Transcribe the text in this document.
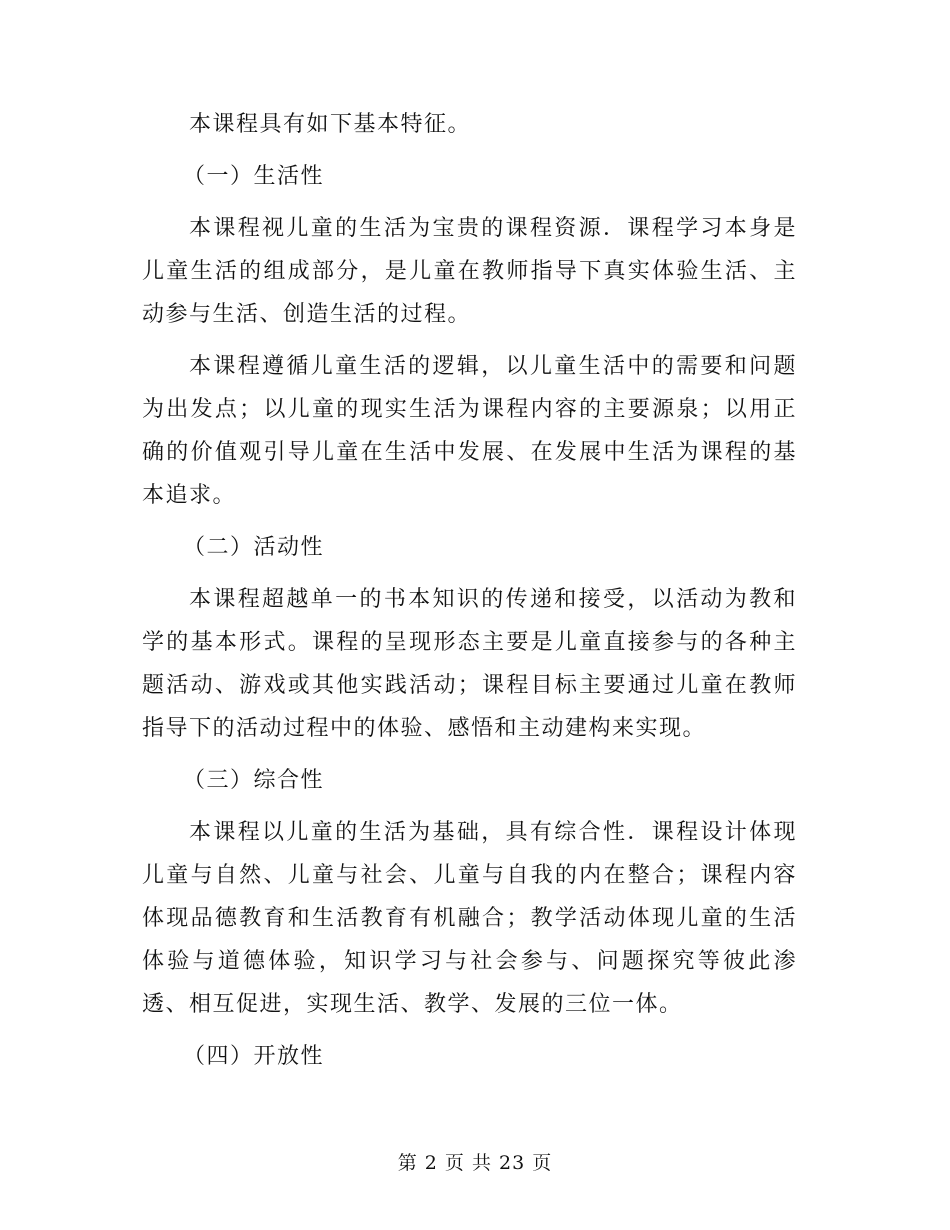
本课程具有如下基本特征。

（一）生活性

本课程视儿童的生活为宝贵的课程资源．课程学习本身是儿童生活的组成部分，是儿童在教师指导下真实体验生活、主动参与生活、创造生活的过程。

本课程遵循儿童生活的逻辑，以儿童生活中的需要和问题为出发点；以儿童的现实生活为课程内容的主要源泉；以用正确的价值观引导儿童在生活中发展、在发展中生活为课程的基本追求。

（二）活动性

本课程超越单一的书本知识的传递和接受，以活动为教和学的基本形式。课程的呈现形态主要是儿童直接参与的各种主题活动、游戏或其他实践活动；课程目标主要通过儿童在教师指导下的活动过程中的体验、感悟和主动建构来实现。

（三）综合性

本课程以儿童的生活为基础，具有综合性．课程设计体现儿童与自然、儿童与社会、儿童与自我的内在整合；课程内容体现品德教育和生活教育有机融合；教学活动体现儿童的生活体验与道德体验，知识学习与社会参与、问题探究等彼此渗透、相互促进，实现生活、教学、发展的三位一体。

（四）开放性

第 2 页 共 23 页
